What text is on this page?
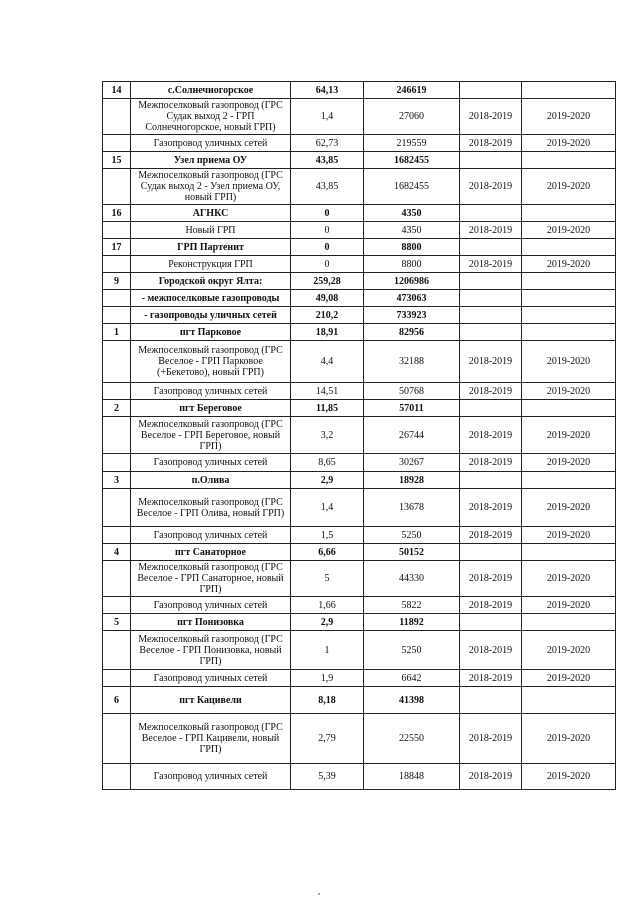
14	с.Солнечногорское	64,13	246619		
	Межпоселковый газопровод (ГРС Судак выход 2 - ГРП Солнечногорское, новый ГРП)	1,4	27060	2018-2019	2019-2020
	Газопровод уличных сетей	62,73	219559	2018-2019	2019-2020
15	Узел приема ОУ	43,85	1682455		
	Межпоселковый газопровод (ГРС Судак выход 2 - Узел приема ОУ, новый ГРП)	43,85	1682455	2018-2019	2019-2020
16	АГНКС	0	4350		
	Новый ГРП	0	4350	2018-2019	2019-2020
17	ГРП Партенит	0	8800		
	Реконструкция ГРП	0	8800	2018-2019	2019-2020
9	Городской округ Ялта:	259,28	1206986		
	- межпоселковые газопроводы	49,08	473063		
	- газопроводы уличных сетей	210,2	733923		
1	пгт Парковое	18,91	82956		
	Межпоселковый газопровод (ГРС Веселое - ГРП Парковое (+Бекетово), новый ГРП)	4,4	32188	2018-2019	2019-2020
	Газопровод уличных сетей	14,51	50768	2018-2019	2019-2020
2	пгт Береговое	11,85	57011		
	Межпоселковый газопровод (ГРС Веселое - ГРП Береговое, новый ГРП)	3,2	26744	2018-2019	2019-2020
	Газопровод уличных сетей	8,65	30267	2018-2019	2019-2020
3	п.Олива	2,9	18928		
	Межпоселковый газопровод (ГРС Веселое - ГРП Олива, новый ГРП)	1,4	13678	2018-2019	2019-2020
	Газопровод уличных сетей	1,5	5250	2018-2019	2019-2020
4	пгт Санаторное	6,66	50152		
	Межпоселковый газопровод (ГРС Веселое - ГРП Санаторное, новый ГРП)	5	44330	2018-2019	2019-2020
	Газопровод уличных сетей	1,66	5822	2018-2019	2019-2020
5	пгт Понизовка	2,9	11892		
	Межпоселковый газопровод (ГРС Веселое - ГРП Понизовка, новый ГРП)	1	5250	2018-2019	2019-2020
	Газопровод уличных сетей	1,9	6642	2018-2019	2019-2020
6	пгт Кацивели	8,18	41398		
	Межпоселковый газопровод (ГРС Веселое - ГРП Кацивели, новый ГРП)	2,79	22550	2018-2019	2019-2020
	Газопровод уличных сетей	5,39	18848	2018-2019	2019-2020
